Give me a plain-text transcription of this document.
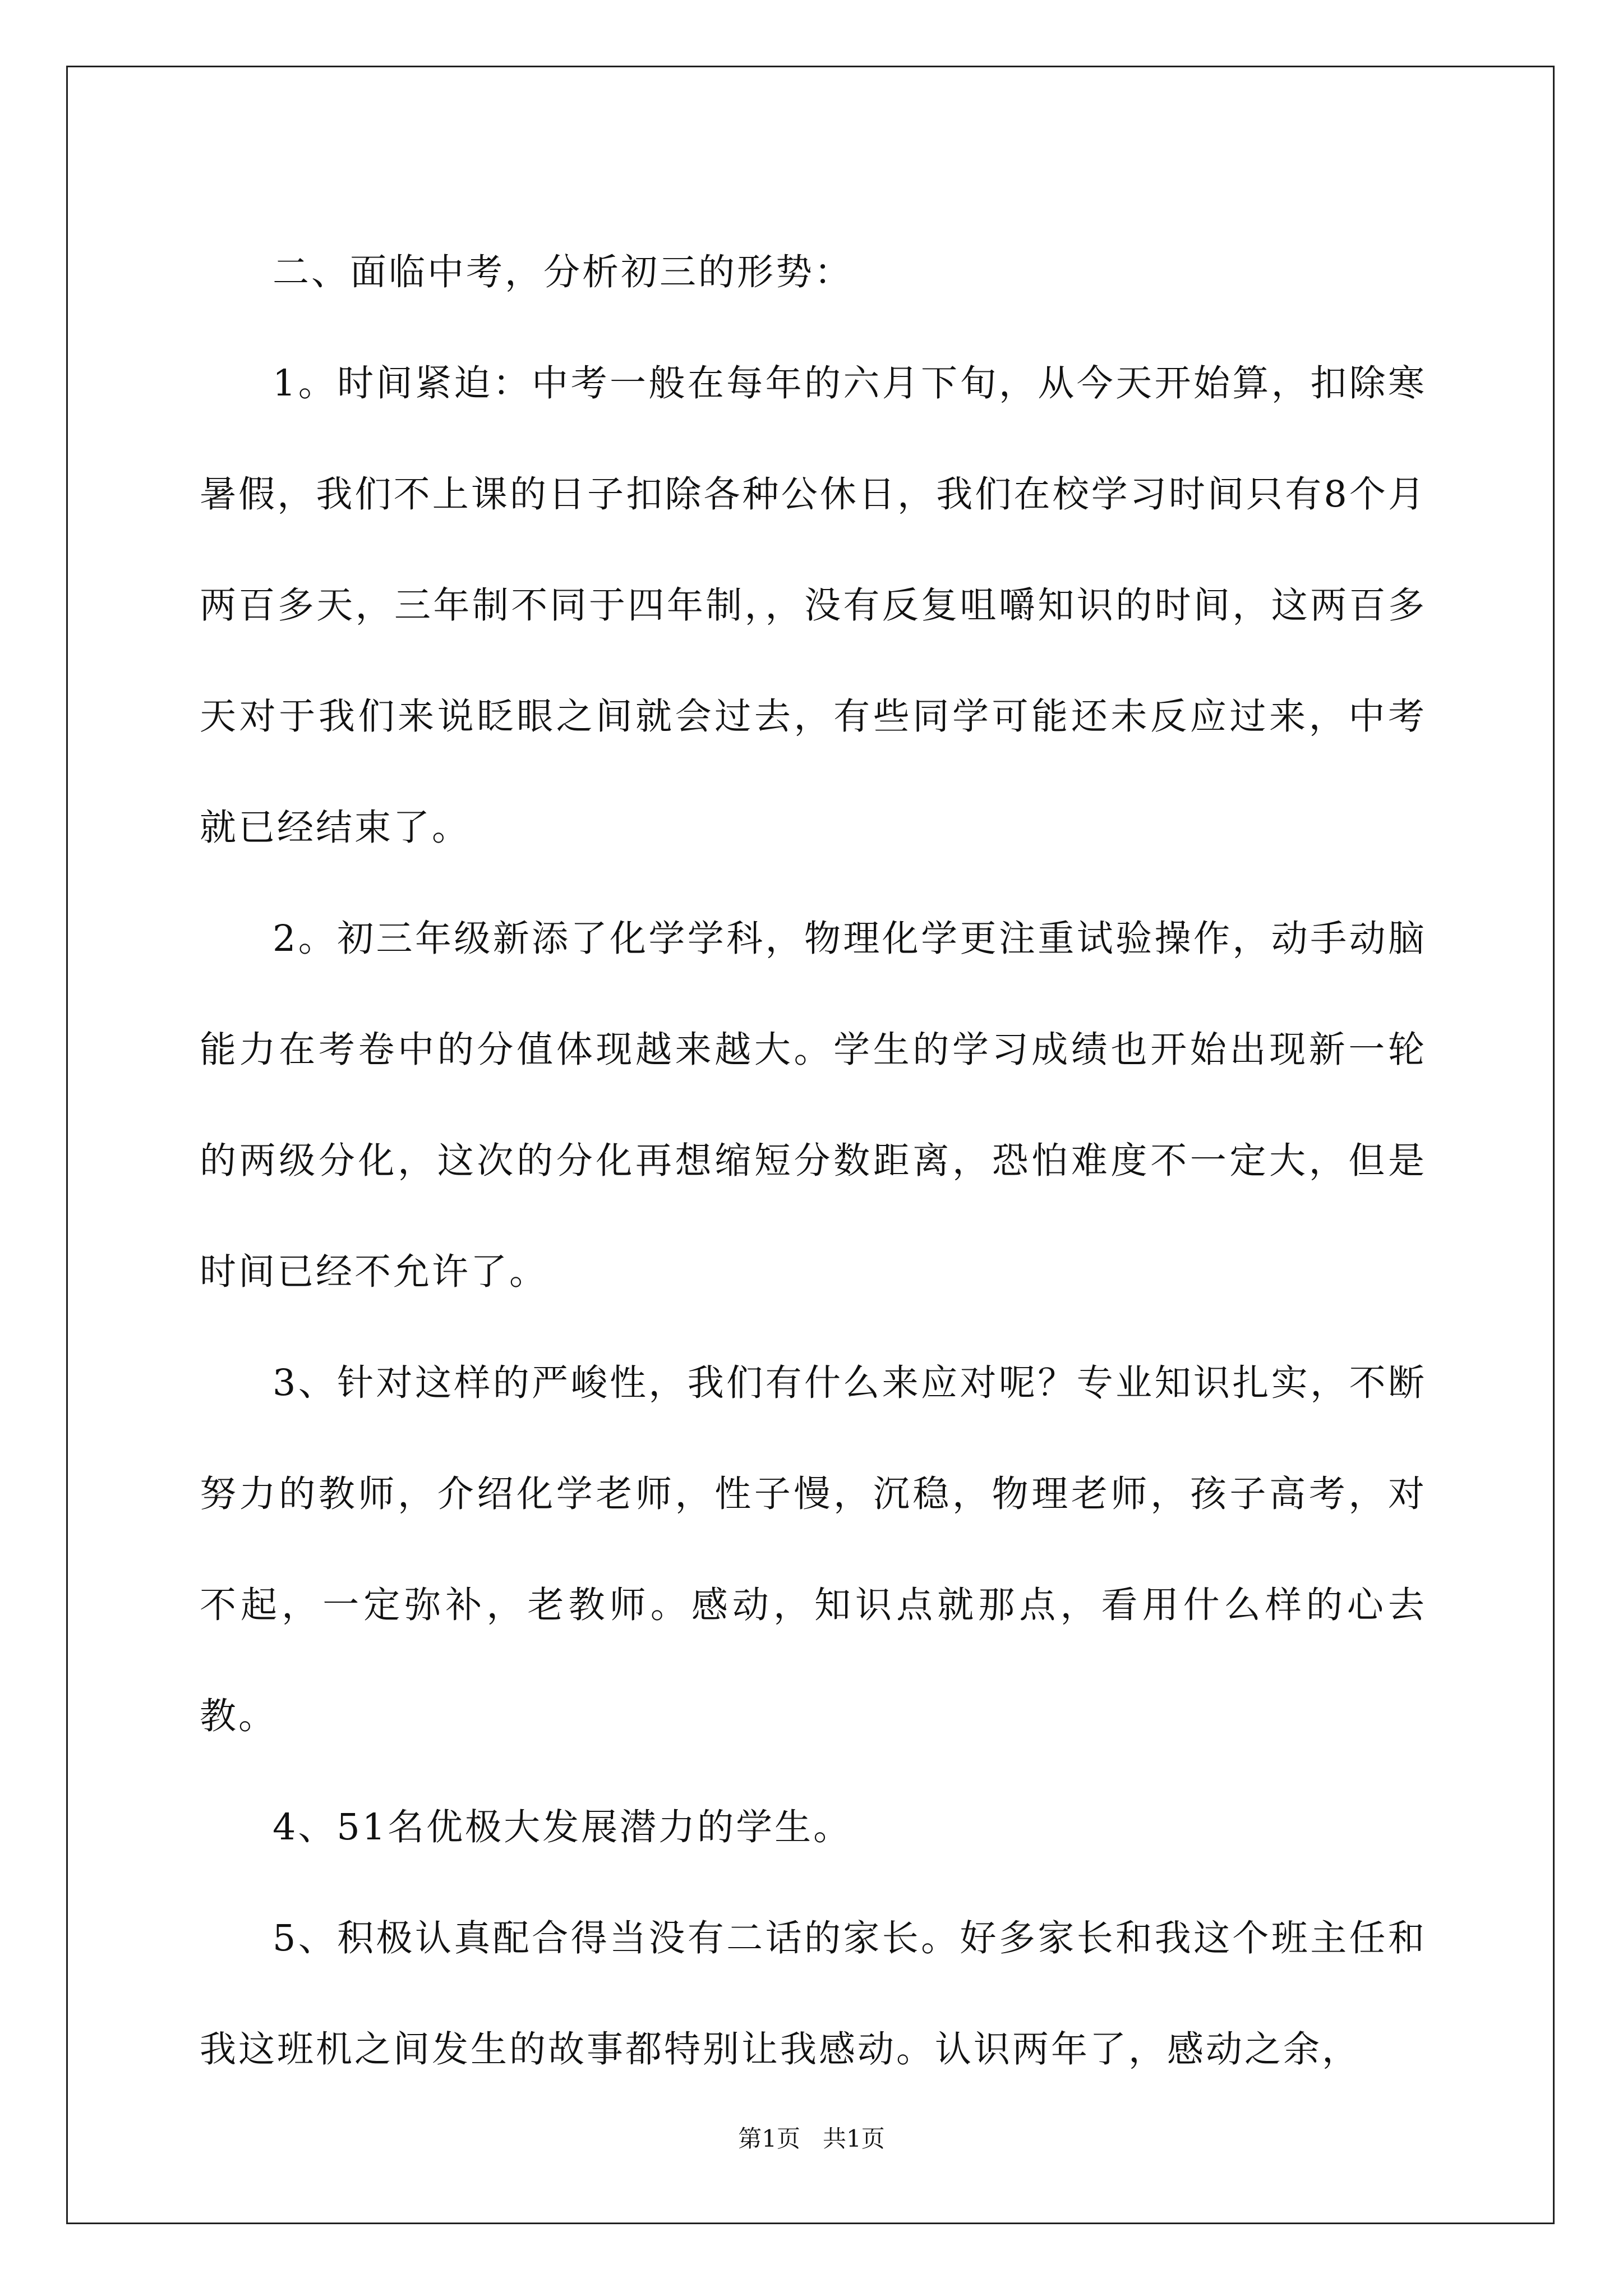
二、面临中考，分析初三的形势：

1。时间紧迫：中考一般在每年的六月下旬，从今天开始算，扣除寒暑假，我们不上课的日子扣除各种公休日，我们在校学习时间只有8个月两百多天，三年制不同于四年制，，没有反复咀嚼知识的时间，这两百多天对于我们来说眨眼之间就会过去，有些同学可能还未反应过来，中考就已经结束了。

2。初三年级新添了化学学科，物理化学更注重试验操作，动手动脑能力在考卷中的分值体现越来越大。学生的学习成绩也开始出现新一轮的两级分化，这次的分化再想缩短分数距离，恐怕难度不一定大，但是时间已经不允许了。

3、针对这样的严峻性，我们有什么来应对呢？专业知识扎实，不断努力的教师，介绍化学老师，性子慢，沉稳，物理老师，孩子高考，对不起，一定弥补，老教师。感动，知识点就那点，看用什么样的心去教。

4、51名优极大发展潜力的学生。

5、积极认真配合得当没有二话的家长。好多家长和我这个班主任和我这班机之间发生的故事都特别让我感动。认识两年了，感动之余，

第1页 共1页
